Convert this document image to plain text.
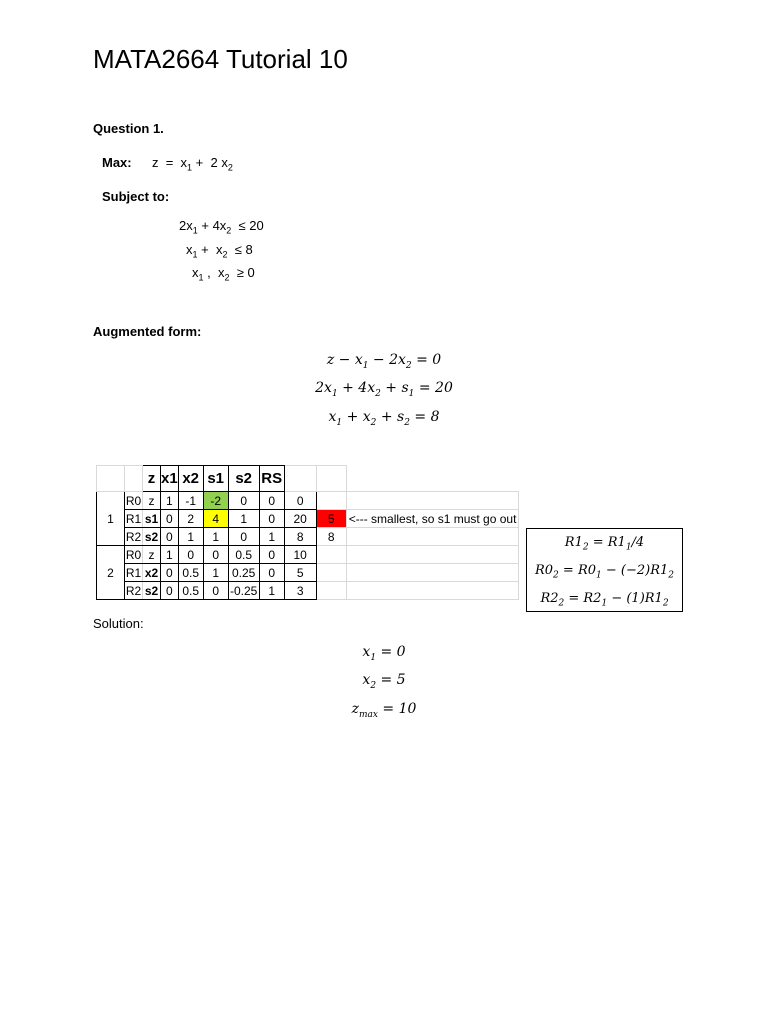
MATA2664 Tutorial 10
Question 1.
Max: $z = x_1 + 2$ $x_2$
Subject to:
$2x_1 + 4x_2 \le 20$
$x_1 + x_2 \le 8$
$x_1$ ,  $x_2 \ge 0$
Augmented form:
$z - x_1 - 2x_2 = 0$
$2x_1 + 4x_2 + s_1 = 20$
$x_1 + x_2 + s_2 = 8$
		z	x1	x2	s1	s2	RS			
1	R0	z	1	-1	-2	0	0	0		
	R1	s1	0	2	4	1	0	20	5	<--- smallest, so s1 must go out
	R2	s2	0	1	1	0	1	8	8	
2	R0	z	1	0	0	0.5	0	10		
	R1	x2	0	0.5	1	0.25	0	5		
	R2	s2	0	0.5	0	-0.25	1	3		
$R1_2 = R1_1/4$
$R0_2 = R0_1 - (-2)R1_2$
$R2_2 = R2_1 - (1)R1_2$
Solution:
$x_1 = 0$
$x_2 = 5$
$z_{max} = 10$
